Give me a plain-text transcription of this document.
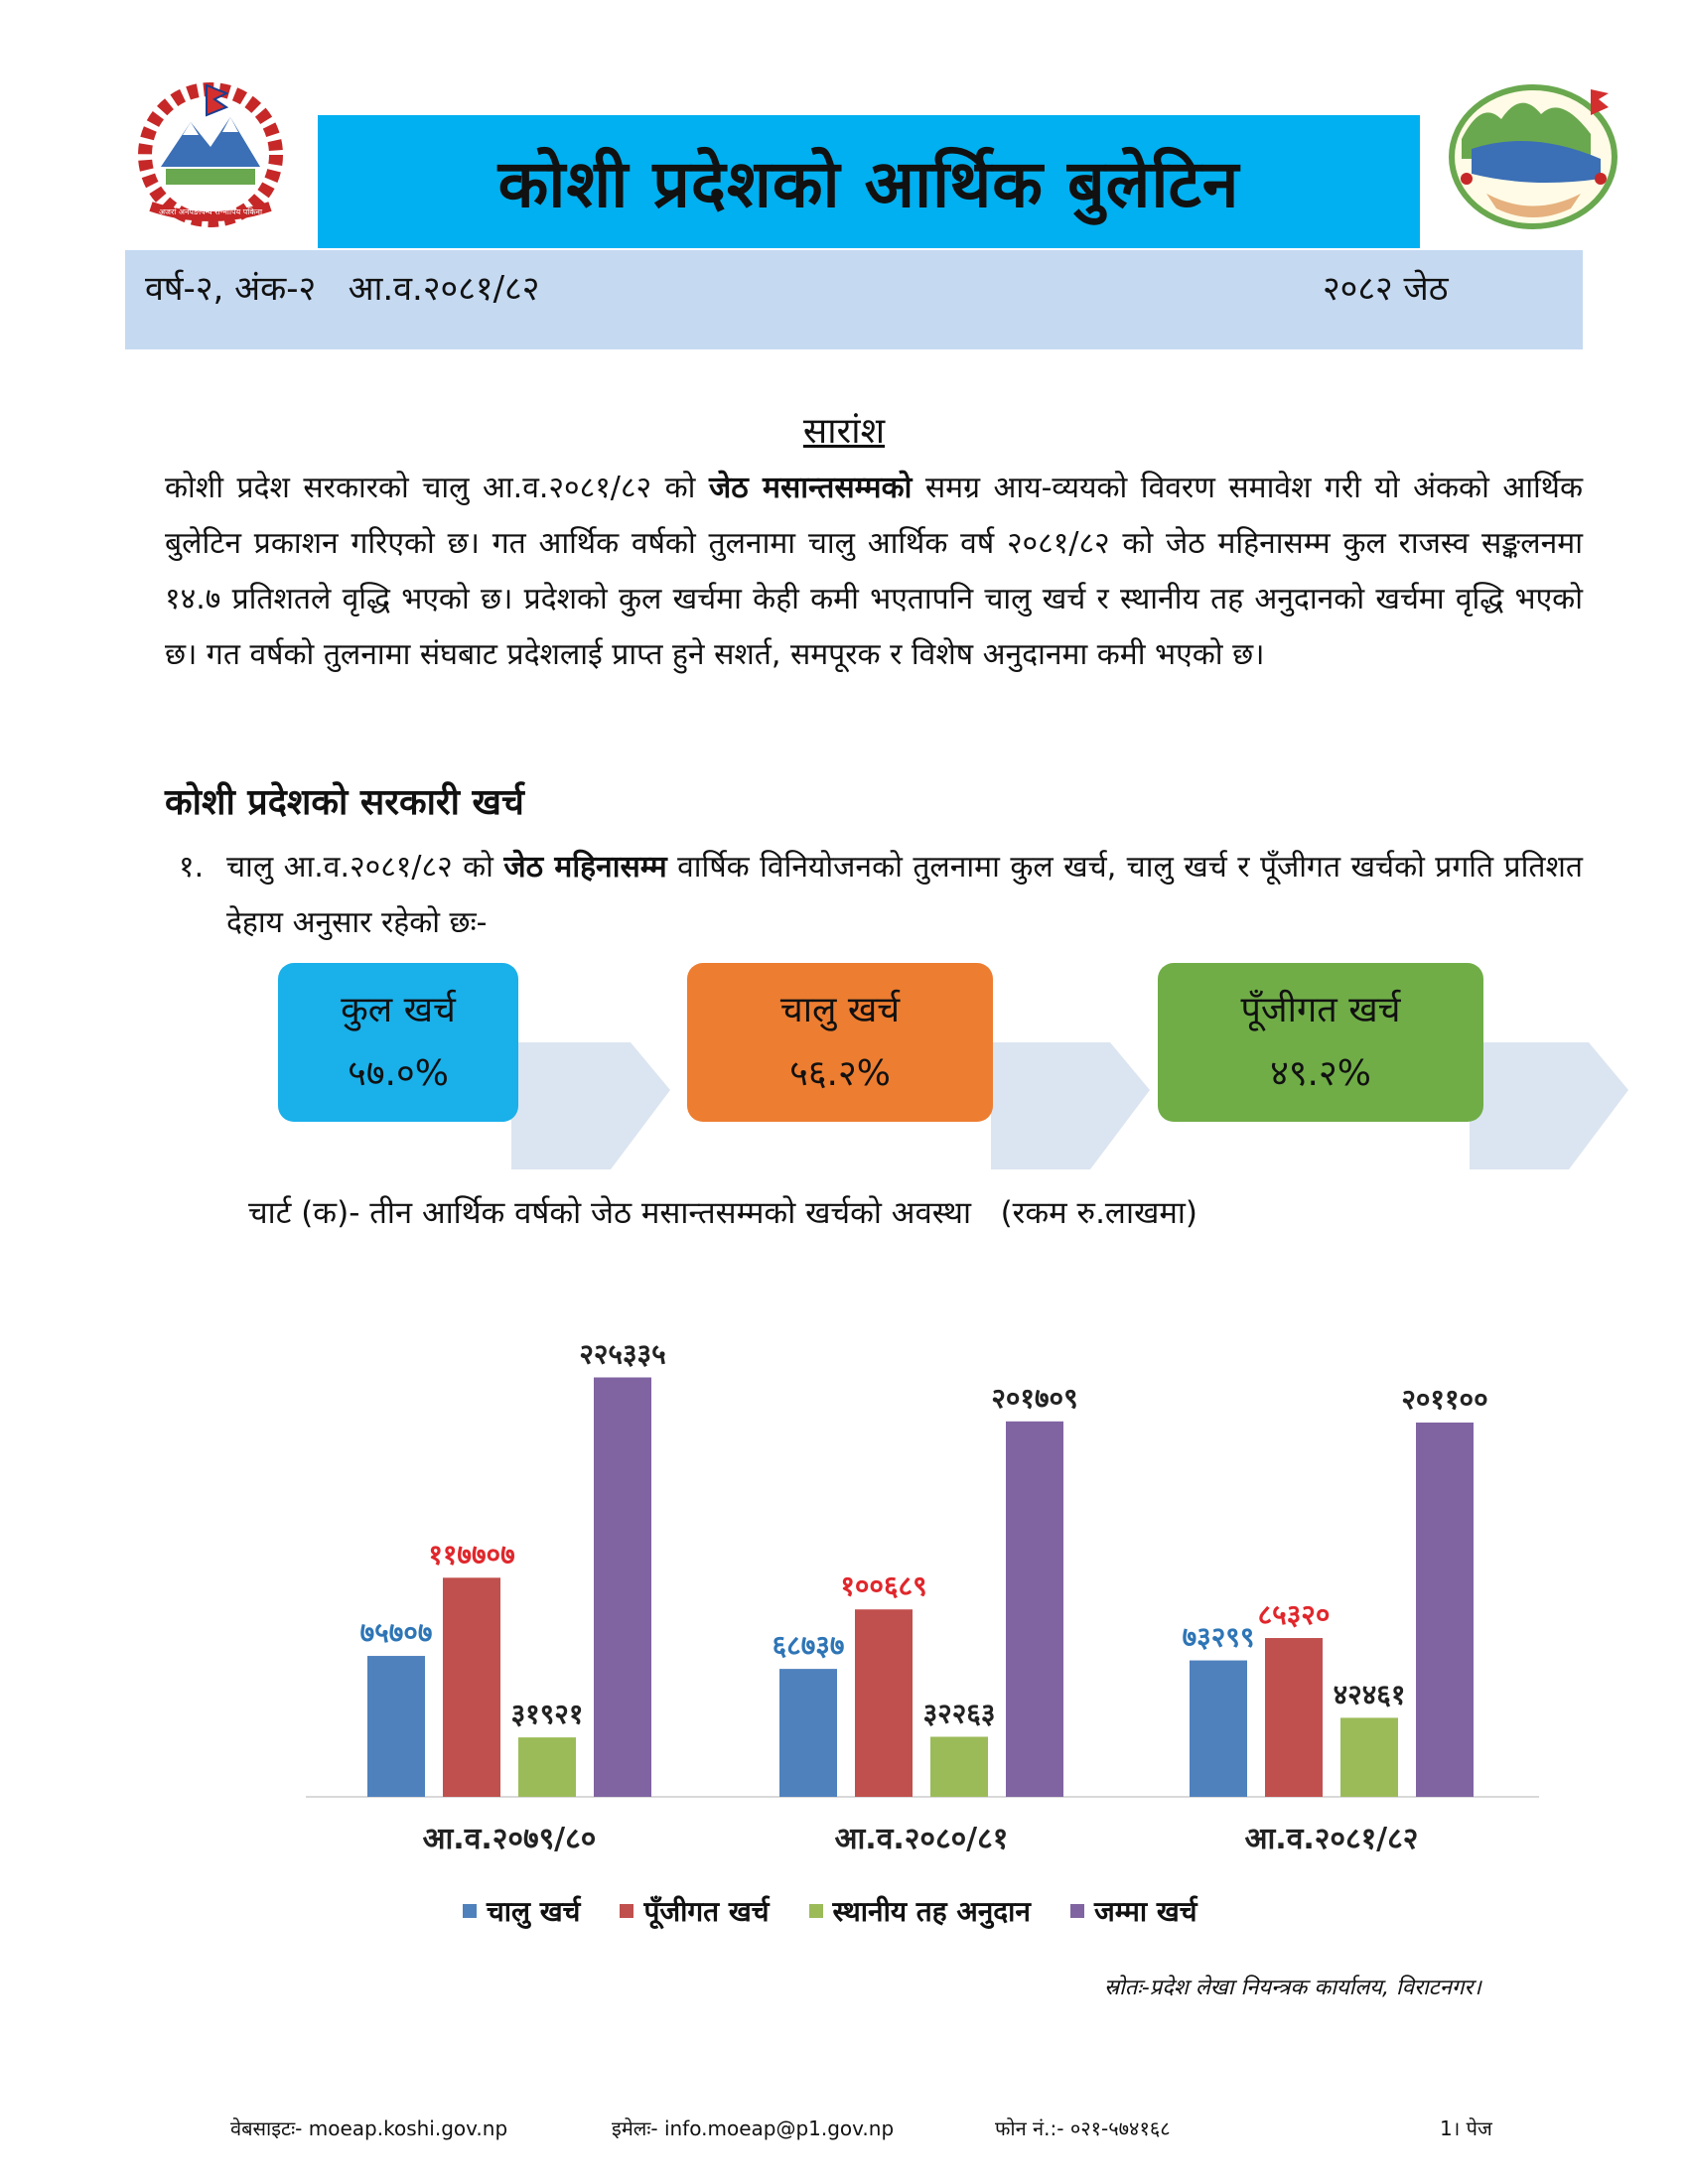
अजरां अनपङपिन्य रा-नीपिय पकिना	कोशी प्रदेशको आर्थिक बुलेटिन
वर्ष-२, अंक-२   आ.व.२०८१/८२	२०८२ जेठ
सारांश
कोशी प्रदेश सरकारको चालु आ.व.२०८१/८२ को जेठ मसान्तसम्मको समग्र आय-व्ययको विवरण समावेश गरी यो अंकको आर्थिक बुलेटिन प्रकाशन गरिएको छ। गत आर्थिक वर्षको तुलनामा चालु आर्थिक वर्ष २०८१/८२ को जेठ महिनासम्म कुल राजस्व सङ्कलनमा १४.७ प्रतिशतले वृद्धि भएको छ। प्रदेशको कुल खर्चमा केही कमी भएतापनि चालु खर्च र स्थानीय तह अनुदानको खर्चमा वृद्धि भएको छ। गत वर्षको तुलनामा संघबाट प्रदेशलाई प्राप्त हुने सशर्त, समपूरक र विशेष अनुदानमा कमी भएको छ।
कोशी प्रदेशको सरकारी खर्च
१. चालु आ.व.२०८१/८२ को जेठ महिनासम्म वार्षिक विनियोजनको तुलनामा कुल खर्च, चालु खर्च र पूँजीगत खर्चको प्रगति प्रतिशत देहाय अनुसार रहेको छः-
कुल खर्च
५७.०%
चालु खर्च
५६.२%
पूँजीगत खर्च
४९.२%
चार्ट (क)- तीन आर्थिक वर्षको जेठ मसान्तसम्मको खर्चको अवस्था   (रकम रु.लाखमा)
७५७०७
११७७०७
३१९२१
२२५३३५
आ.व.२०७९/८०
६८७३७
१००६८९
३२२६३
२०१७०९
आ.व.२०८०/८१
७३२९९
८५३२०
४२४६१
२०११००
आ.व.२०८१/८२
चालु खर्च पूँजीगत खर्च स्थानीय तह अनुदान जम्मा खर्च
स्रोतः-प्रदेश लेखा नियन्त्रक कार्यालय, विराटनगर।
वेबसाइटः- moeap.koshi.gov.np	इमेलः- info.moeap@p1.gov.np	फोन नं.:- ०२१-५७४१६८	1। पेज
